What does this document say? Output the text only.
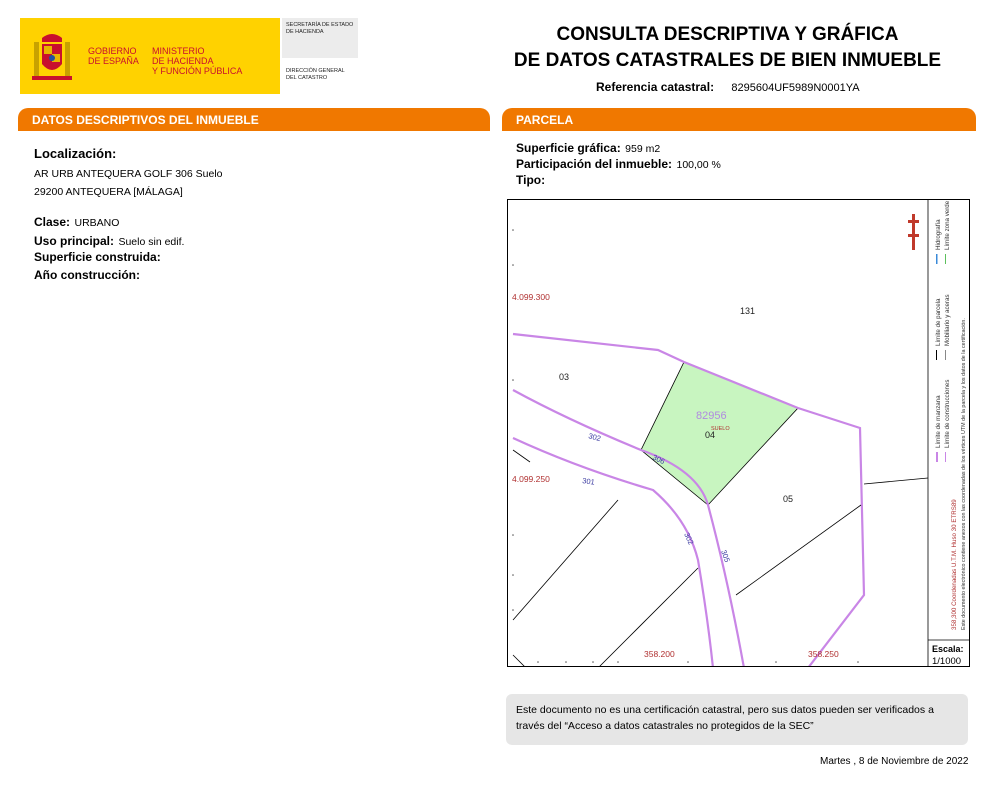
GOBIERNO
DE ESPAÑA
MINISTERIO
DE HACIENDA
Y FUNCIÓN PÚBLICA
SECRETARÍA DE ESTADO
DE HACIENDA
DIRECCIÓN GENERAL
DEL CATASTRO
CONSULTA DESCRIPTIVA Y GRÁFICA
DE DATOS CATASTRALES DE BIEN INMUEBLE
Referencia catastral: 8295604UF5989N0001YA
DATOS DESCRIPTIVOS DEL INMUEBLE
Localización:
AR URB ANTEQUERA GOLF 306 Suelo
29200 ANTEQUERA [MÁLAGA]
Clase: URBANO
Uso principal: Suelo sin edif.
Superficie construida:
Año construcción:
PARCELA
Superficie gráfica: 959 m2
Participación del inmueble: 100,00 %
Tipo:
4.099.300
4.099.250
358.200	358.250
131
03
04
05
82956
SUELO
302
306
301
302
305
Límite de manzana
Límite de parcela
Hidrografía
Límite de construcciones
Mobiliario y aceras
Límite zona verde
358,300 Coordenadas U.T.M. Huso 30 ETRS89 Este documento electrónico contiene anexos con las coordenadas de los vértices UTM de la parcela y los datos de la certificación.
Escala:
1/1000
Este documento no es una certificación catastral, pero sus datos pueden ser verificados a
través del “Acceso a datos catastrales no protegidos de la SEC”
Martes , 8 de Noviembre de 2022
